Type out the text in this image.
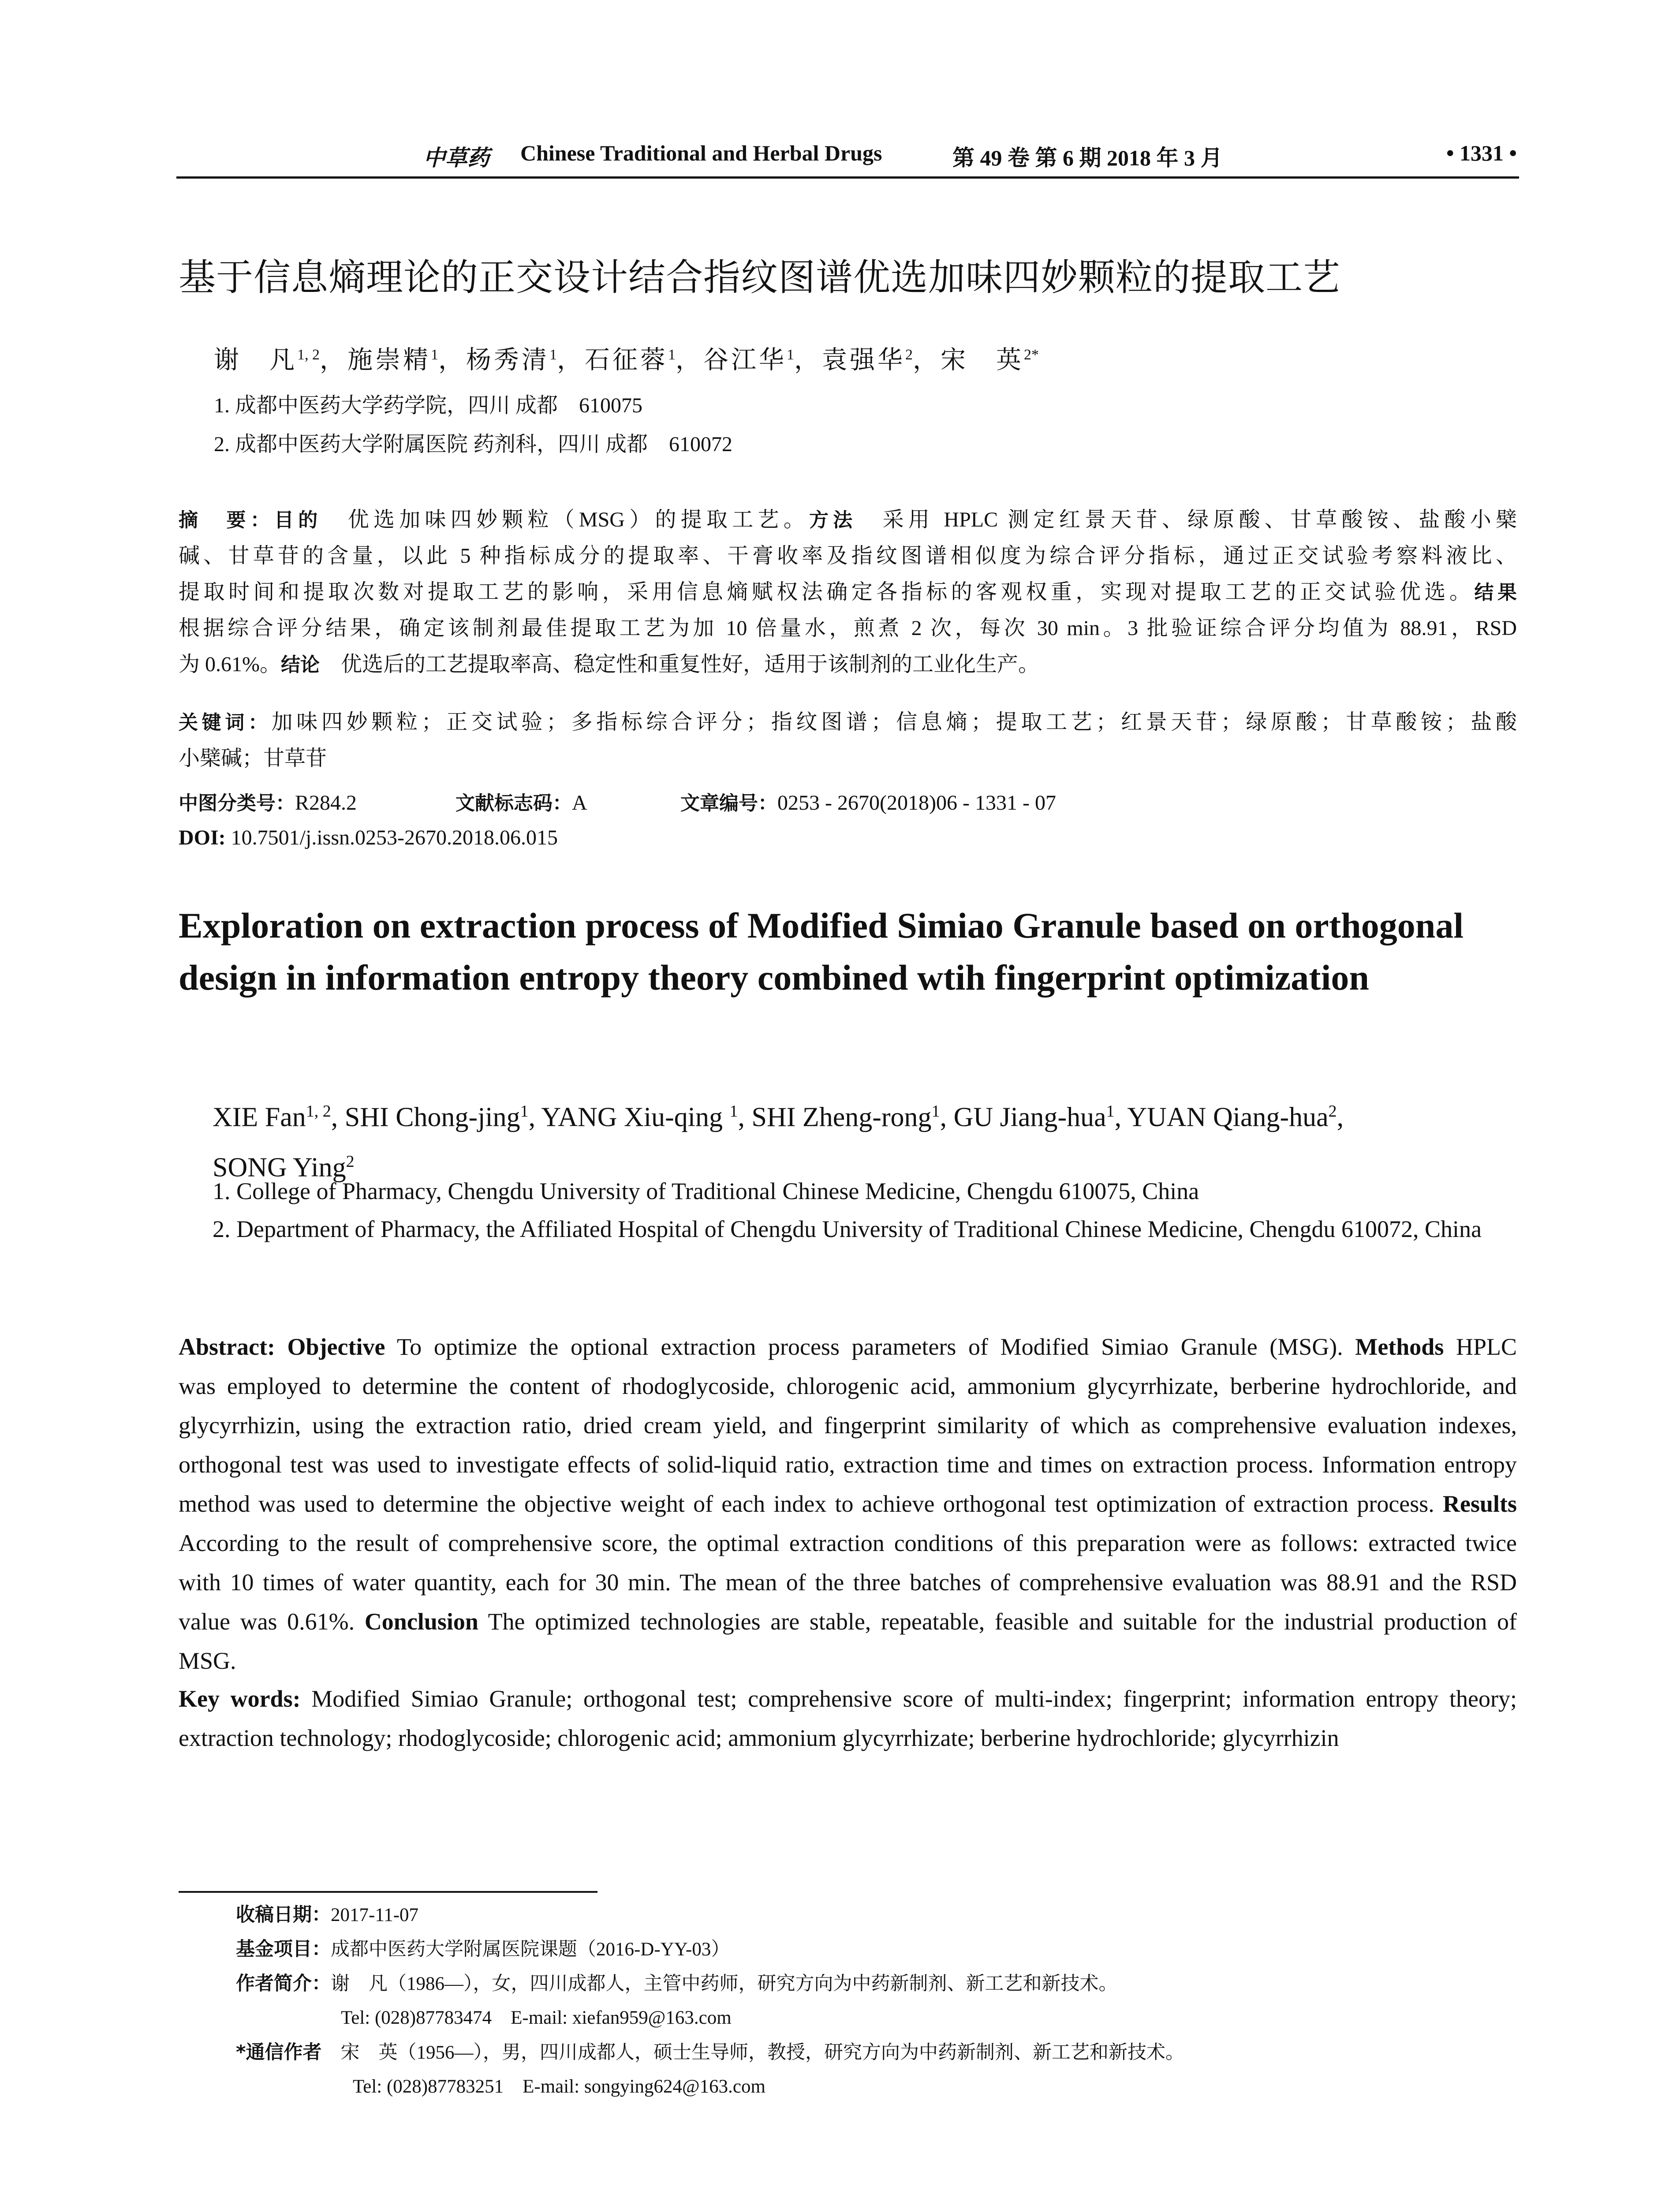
中草药 Chinese Traditional and Herbal Drugs	第 49 卷 第 6 期 2018 年 3 月	• 1331 •
基于信息熵理论的正交设计结合指纹图谱优选加味四妙颗粒的提取工艺
谢　凡$^{1, 2}$，施崇精$^1$，杨秀清$^1$，石征蓉$^1$，谷江华$^1$，袁强华$^2$，宋　英$^{2*}$
1. 成都中医药大学药学院，四川 成都　610075
2. 成都中医药大学附属医院 药剂科，四川 成都　610072
摘　要：目的　优选加味四妙颗粒（MSG）的提取工艺。方法　采用 HPLC 测定红景天苷、绿原酸、甘草酸铵、盐酸小檗
碱、甘草苷的含量，以此 5 种指标成分的提取率、干膏收率及指纹图谱相似度为综合评分指标，通过正交试验考察料液比、
提取时间和提取次数对提取工艺的影响，采用信息熵赋权法确定各指标的客观权重，实现对提取工艺的正交试验优选。结果
根据综合评分结果，确定该制剂最佳提取工艺为加 10 倍量水，煎煮 2 次，每次 30 min。3 批验证综合评分均值为 88.91，RSD
为 0.61%。结论　优选后的工艺提取率高、稳定性和重复性好，适用于该制剂的工业化生产。
关键词：加味四妙颗粒；正交试验；多指标综合评分；指纹图谱；信息熵；提取工艺；红景天苷；绿原酸；甘草酸铵；盐酸
小檗碱；甘草苷
中图分类号：R284.2	文献标志码：A	文章编号：0253 - 2670(2018)06 - 1331 - 07
DOI: 10.7501/j.issn.0253-2670.2018.06.015
Exploration on extraction process of Modified Simiao Granule based on orthogonal design in information entropy theory combined wtih fingerprint optimization
XIE Fan$^{1, 2}$, SHI Chong-jing$^1$, YANG Xiu-qing $^1$, SHI Zheng-rong$^1$, GU Jiang-hua$^1$, YUAN Qiang-hua$^2$,
SONG Ying$^2$
1. College of Pharmacy, Chengdu University of Traditional Chinese Medicine, Chengdu 610075, China
2. Department of Pharmacy, the Affiliated Hospital of Chengdu University of Traditional Chinese Medicine, Chengdu 610072, China
Abstract: Objective To optimize the optional extraction process parameters of Modified Simiao Granule (MSG). Methods HPLC
was employed to determine the content of rhodoglycoside, chlorogenic acid, ammonium glycyrrhizate, berberine hydrochloride, and
glycyrrhizin, using the extraction ratio, dried cream yield, and fingerprint similarity of which as comprehensive evaluation indexes,
orthogonal test was used to investigate effects of solid-liquid ratio, extraction time and times on extraction process. Information entropy
method was used to determine the objective weight of each index to achieve orthogonal test optimization of extraction process. Results
According to the result of comprehensive score, the optimal extraction conditions of this preparation were as follows: extracted twice
with 10 times of water quantity, each for 30 min. The mean of the three batches of comprehensive evaluation was 88.91 and the RSD
value was 0.61%. Conclusion The optimized technologies are stable, repeatable, feasible and suitable for the industrial production of
MSG.
Key words: Modified Simiao Granule; orthogonal test; comprehensive score of multi-index; fingerprint; information entropy theory;
extraction technology; rhodoglycoside; chlorogenic acid; ammonium glycyrrhizate; berberine hydrochloride; glycyrrhizin
收稿日期：2017-11-07
基金项目：成都中医药大学附属医院课题（2016-D-YY-03）
作者简介：谢　凡（1986—），女，四川成都人，主管中药师，研究方向为中药新制剂、新工艺和新技术。
Tel: (028)87783474　E-mail: xiefan959@163.com
*通信作者　宋　英（1956—），男，四川成都人，硕士生导师，教授，研究方向为中药新制剂、新工艺和新技术。
Tel: (028)87783251　E-mail: songying624@163.com
